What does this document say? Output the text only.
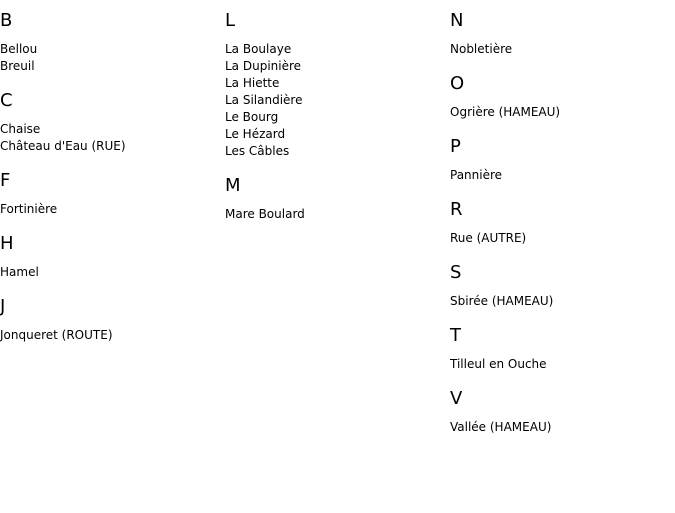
B
Bellou
Breuil
C
Chaise
Château d'Eau (RUE)
F
Fortinière
H
Hamel
J
Jonqueret (ROUTE)
L
La Boulaye
La Dupinière
La Hiette
La Silandière
Le Bourg
Le Hézard
Les Câbles
M
Mare Boulard
N
Nobletière
O
Ogrière (HAMEAU)
P
Pannière
R
Rue (AUTRE)
S
Sbirée (HAMEAU)
T
Tilleul en Ouche
V
Vallée (HAMEAU)
